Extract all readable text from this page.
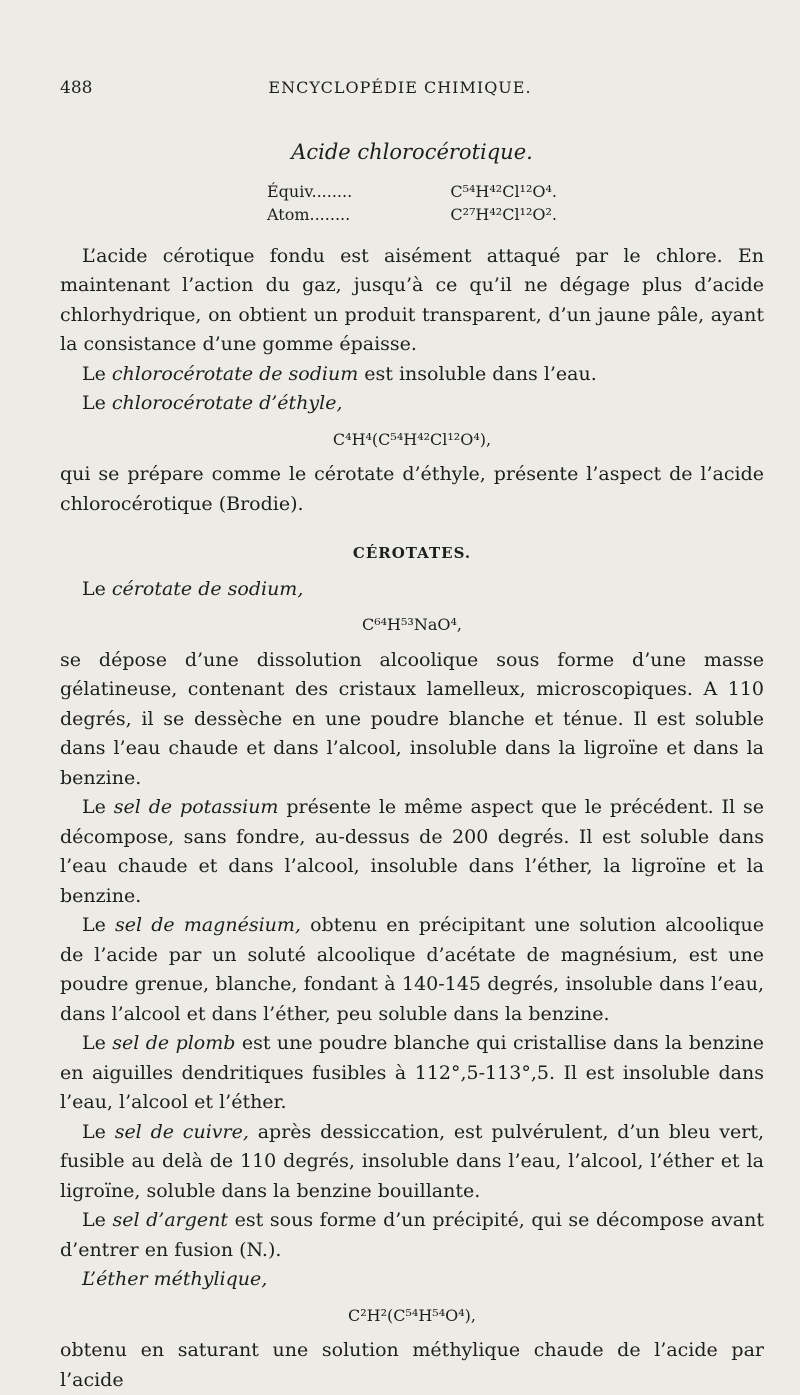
488	ENCYCLOPÉDIE CHIMIQUE.
Acide chlorocérotique.
Équiv........	C⁵⁴H⁴²Cl¹²O⁴.
Atom........	C²⁷H⁴²Cl¹²O².

L’acide cérotique fondu est aisément attaqué par le chlore. En maintenant l’action du gaz, jusqu’à ce qu’il ne dégage plus d’acide chlorhydrique, on obtient un produit transparent, d’un jaune pâle, ayant la consistance d’une gomme épaisse.

Le chlorocérotate de sodium est insoluble dans l’eau.

Le chlorocérotate d’éthyle,

C⁴H⁴(C⁵⁴H⁴²Cl¹²O⁴),

qui se prépare comme le cérotate d’éthyle, présente l’aspect de l’acide chlorocérotique (Brodie).

CÉROTATES.

Le cérotate de sodium,

C⁶⁴H⁵³NaO⁴,

se dépose d’une dissolution alcoolique sous forme d’une masse gélatineuse, contenant des cristaux lamelleux, microscopiques. A 110 degrés, il se dessèche en une poudre blanche et ténue. Il est soluble dans l’eau chaude et dans l’alcool, insoluble dans la ligroïne et dans la benzine.

Le sel de potassium présente le même aspect que le précédent. Il se décompose, sans fondre, au-dessus de 200 degrés. Il est soluble dans l’eau chaude et dans l’alcool, insoluble dans l’éther, la ligroïne et la benzine.

Le sel de magnésium, obtenu en précipitant une solution alcoolique de l’acide par un soluté alcoolique d’acétate de magnésium, est une poudre grenue, blanche, fondant à 140-145 degrés, insoluble dans l’eau, dans l’alcool et dans l’éther, peu soluble dans la benzine.

Le sel de plomb est une poudre blanche qui cristallise dans la benzine en aiguilles dendritiques fusibles à 112°,5-113°,5. Il est insoluble dans l’eau, l’alcool et l’éther.

Le sel de cuivre, après dessiccation, est pulvérulent, d’un bleu vert, fusible au delà de 110 degrés, insoluble dans l’eau, l’alcool, l’éther et la ligroïne, soluble dans la benzine bouillante.

Le sel d’argent est sous forme d’un précipité, qui se décompose avant d’entrer en fusion (N.).

L’éther méthylique,

C²H²(C⁵⁴H⁵⁴O⁴),

obtenu en saturant une solution méthylique chaude de l’acide par l’acide
